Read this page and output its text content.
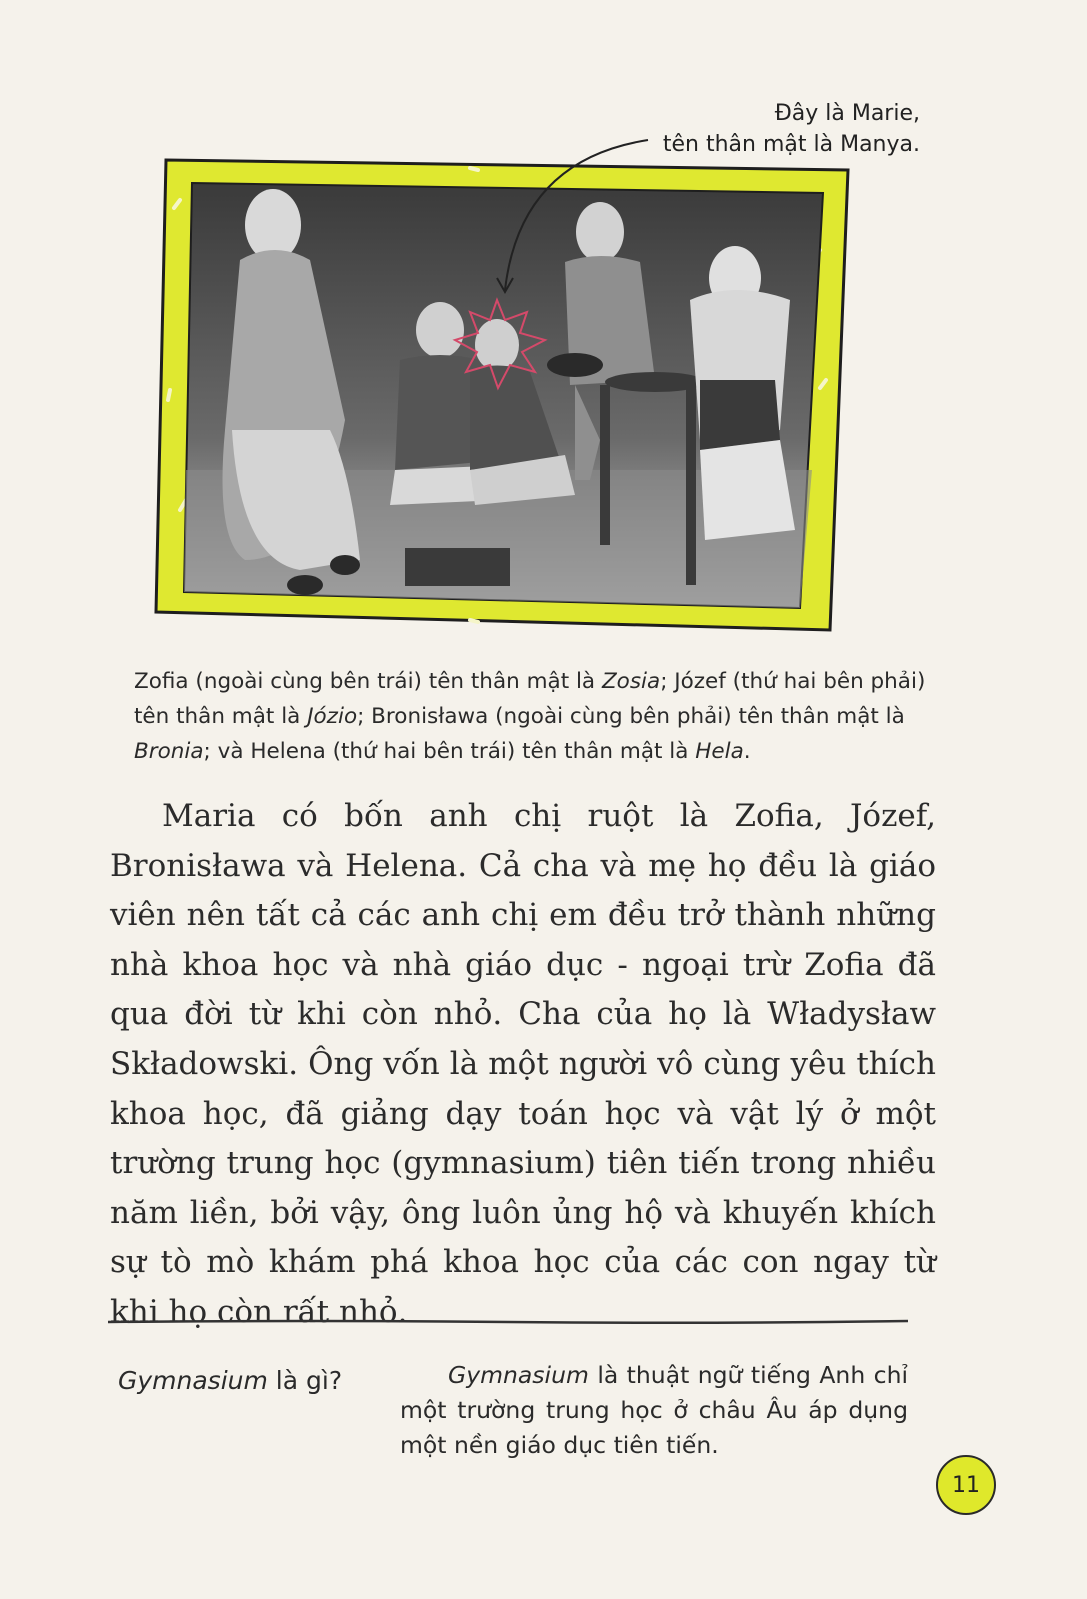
Đây là Marie,
tên thân mật là Manya.

Zofia (ngoài cùng bên trái) tên thân mật là Zosia; Józef (thứ hai bên phải) tên thân mật là Józio; Bronisława (ngoài cùng bên phải) tên thân mật là Bronia; và Helena (thứ hai bên trái) tên thân mật là Hela.

Maria có bốn anh chị ruột là Zofia, Józef, Bronisława và Helena. Cả cha và mẹ họ đều là giáo viên nên tất cả các anh chị em đều trở thành những nhà khoa học và nhà giáo dục - ngoại trừ Zofia đã qua đời từ khi còn nhỏ. Cha của họ là Władysław Składowski. Ông vốn là một người vô cùng yêu thích khoa học, đã giảng dạy toán học và vật lý ở một trường trung học (gymnasium) tiên tiến trong nhiều năm liền, bởi vậy, ông luôn ủng hộ và khuyến khích sự tò mò khám phá khoa học của các con ngay từ khi họ còn rất nhỏ.

Gymnasium là gì?	Gymnasium là thuật ngữ tiếng Anh chỉ một trường trung học ở châu Âu áp dụng một nền giáo dục tiên tiến.

11
